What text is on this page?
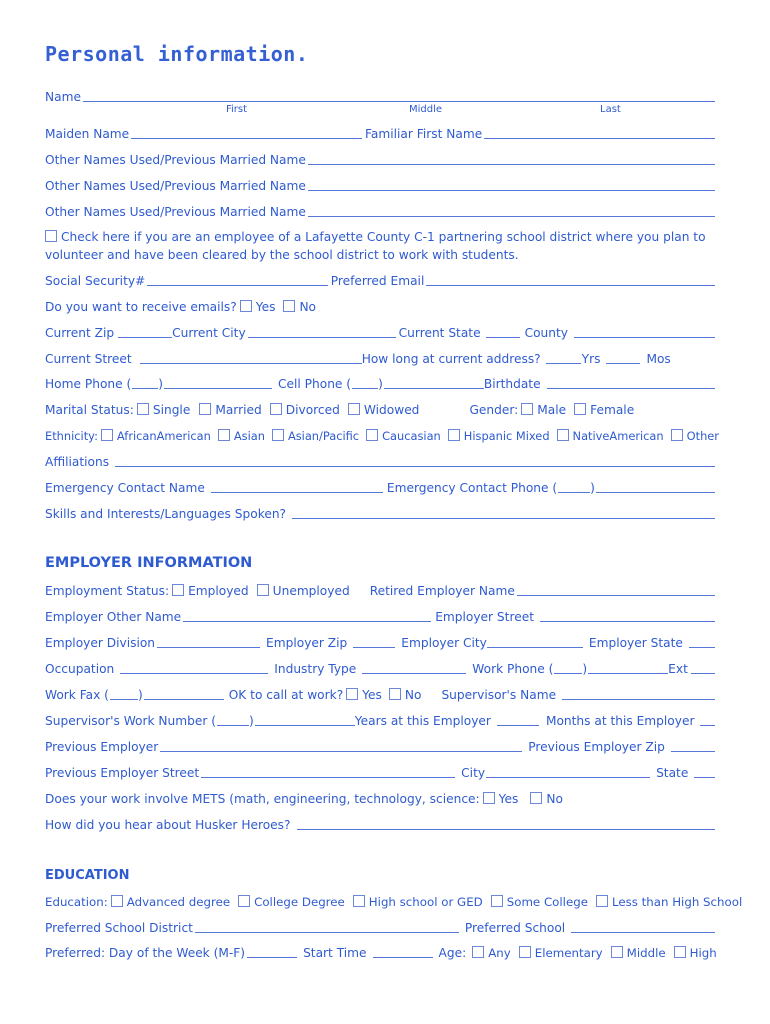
Personal information.
Name
First	Middle	Last
Maiden Name	Familiar First Name
Other Names Used/Previous Married Name
Other Names Used/Previous Married Name
Other Names Used/Previous Married Name
Check here if you are an employee of a Lafayette County C-1 partnering school district where you plan to
volunteer and have been cleared by the school district to work with students.
Social Security#	Preferred Email
Do you want to receive emails? Yes No
Current Zip	Current City	Current State	County
Current Street	How long at current address?	Yrs	Mos
Home Phone ( )	Cell Phone ( )	Birthdate
Marital Status: Single Married Divorced Widowed	Gender: Male Female
Ethnicity: AfricanAmerican Asian Asian/Pacific Caucasian Hispanic Mixed NativeAmerican Other
Affiliations
Emergency Contact Name	Emergency Contact Phone (	)
Skills and Interests/Languages Spoken?
EMPLOYER INFORMATION
Employment Status: Employed Unemployed Retired Employer Name
Employer Other Name	Employer Street
Employer Division	Employer Zip	Employer City	Employer State
Occupation	Industry Type	Work Phone ( )	Ext
Work Fax ( )	OK to call at work? Yes No Supervisor's Name
Supervisor's Work Number (	)	Years at this Employer	Months at this Employer
Previous Employer	Previous Employer Zip
Previous Employer Street	City	State
Does your work involve METS (math, engineering, technology, science: Yes No
How did you hear about Husker Heroes?
EDUCATION
Education: Advanced degree College Degree High school or GED Some College Less than High School
Preferred School District	Preferred School
Preferred: Day of the Week (M-F)	Start Time	Age: Any Elementary Middle High
